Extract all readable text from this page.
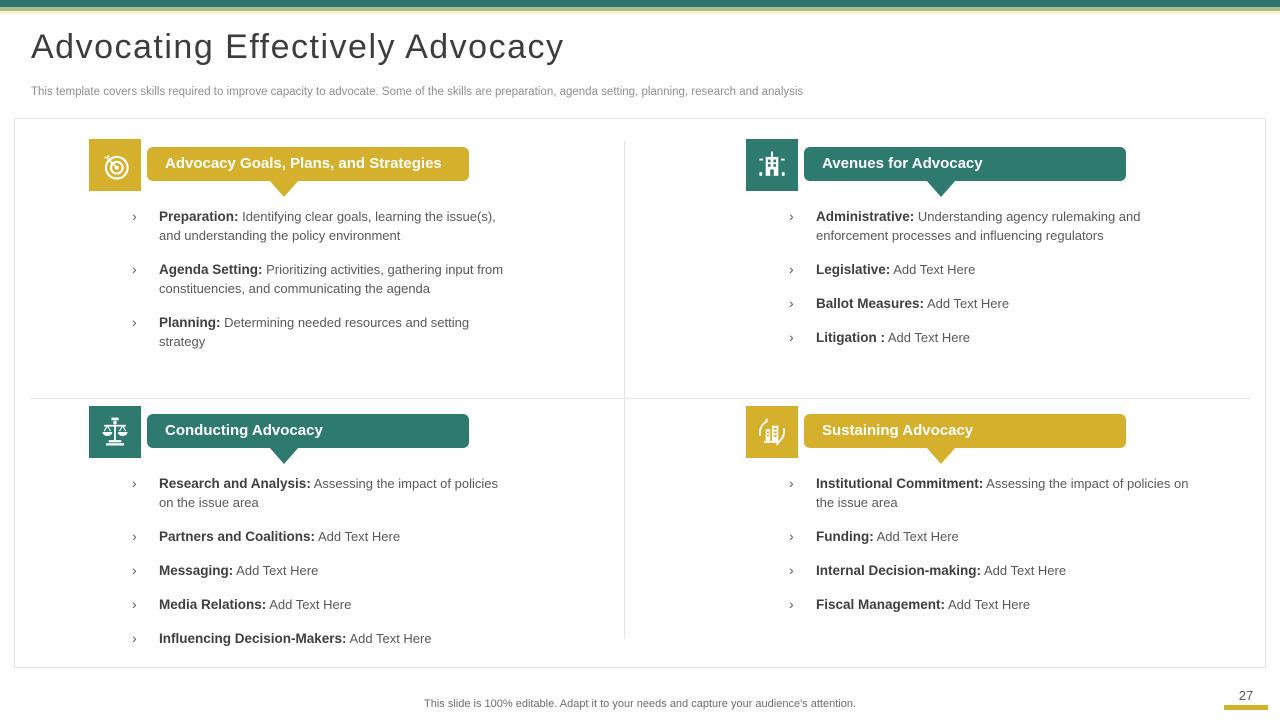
Advocating Effectively Advocacy

This template covers skills required to improve capacity to advocate. Some of the skills are preparation, agenda setting, planning, research and analysis

Advocacy Goals, Plans, and Strategies
›	Preparation: Identifying clear goals, learning the issue(s), and understanding the policy environment

›	Agenda Setting: Prioritizing activities, gathering input from constituencies, and communicating the agenda

›	Planning: Determining needed resources and setting strategy

Avenues for Advocacy
›	Administrative: Understanding agency rulemaking and enforcement processes and influencing regulators

›	Legislative: Add Text Here

›	Ballot Measures: Add Text Here

›	Litigation : Add Text Here

Conducting Advocacy
›	Research and Analysis: Assessing the impact of policies on the issue area

›	Partners and Coalitions: Add Text Here

›	Messaging: Add Text Here

›	Media Relations: Add Text Here

›	Influencing Decision-Makers: Add Text Here

Sustaining Advocacy
›	Institutional Commitment: Assessing the impact of policies on the issue area

›	Funding: Add Text Here

›	Internal Decision-making: Add Text Here

›	Fiscal Management: Add Text Here

This slide is 100% editable. Adapt it to your needs and capture your audience's attention.

27
